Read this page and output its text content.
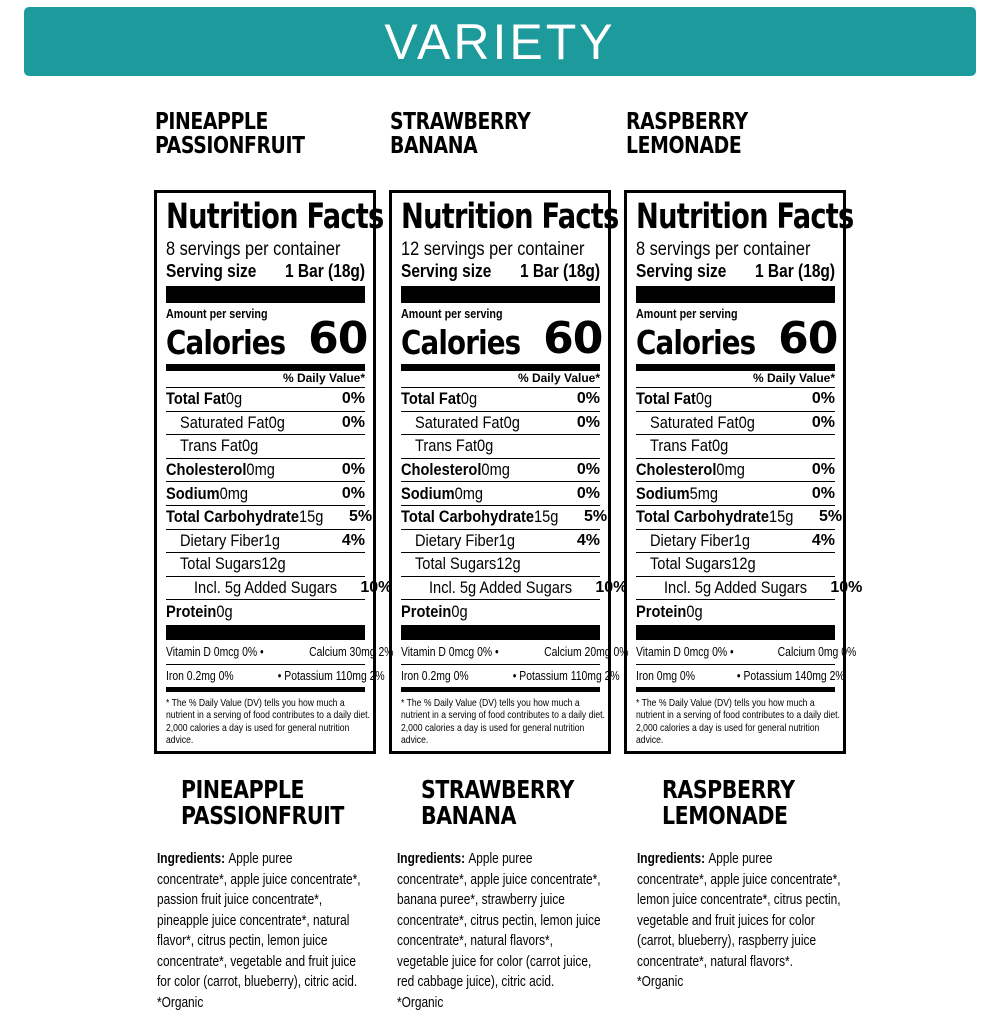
VARIETY
PINEAPPLE
PASSIONFRUIT
Nutrition Facts
8 servings per container
Serving size 1 Bar (18g)
Amount per serving
Calories 60
% Daily Value*
Total Fat0g	0%
Saturated Fat0g	0%
Trans Fat0g
Cholesterol0mg	0%
Sodium0mg	0%
Total Carbohydrate15g 5%
Dietary Fiber1g	4%
Total Sugars12g
Incl. 5g Added Sugars 10%
Protein0g
Vitamin D 0mcg 0% •	Calcium 30mg 2%
Iron 0.2mg 0%	• Potassium 110mg 2%
* The % Daily Value (DV) tells you how much a nutrient in a serving of food contributes to a daily diet. 2,000 calories a day is used for general nutrition advice.
PINEAPPLE
PASSIONFRUIT
Ingredients: Apple puree concentrate*, apple juice concentrate*, passion fruit juice concentrate*, pineapple juice concentrate*, natural flavor*, citrus pectin, lemon juice concentrate*, vegetable and fruit juice for color (carrot, blueberry), citric acid.
*Organic
STRAWBERRY
BANANA
Nutrition Facts
12 servings per container
Serving size 1 Bar (18g)
Amount per serving
Calories 60
% Daily Value*
Total Fat0g	0%
Saturated Fat0g	0%
Trans Fat0g
Cholesterol0mg	0%
Sodium0mg	0%
Total Carbohydrate15g 5%
Dietary Fiber1g	4%
Total Sugars12g
Incl. 5g Added Sugars 10%
Protein0g
Vitamin D 0mcg 0% •	Calcium 20mg 0%
Iron 0.2mg 0%	• Potassium 110mg 2%
* The % Daily Value (DV) tells you how much a nutrient in a serving of food contributes to a daily diet. 2,000 calories a day is used for general nutrition advice.
STRAWBERRY
BANANA
Ingredients: Apple puree concentrate*, apple juice concentrate*, banana puree*, strawberry juice concentrate*, citrus pectin, lemon juice concentrate*, natural flavors*, vegetable juice for color (carrot juice, red cabbage juice), citric acid.
*Organic
RASPBERRY
LEMONADE
Nutrition Facts
8 servings per container
Serving size 1 Bar (18g)
Amount per serving
Calories 60
% Daily Value*
Total Fat0g	0%
Saturated Fat0g	0%
Trans Fat0g
Cholesterol0mg	0%
Sodium5mg	0%
Total Carbohydrate15g 5%
Dietary Fiber1g	4%
Total Sugars12g
Incl. 5g Added Sugars 10%
Protein0g
Vitamin D 0mcg 0% •	Calcium 0mg 0%
Iron 0mg 0%	• Potassium 140mg 2%
* The % Daily Value (DV) tells you how much a nutrient in a serving of food contributes to a daily diet. 2,000 calories a day is used for general nutrition advice.
RASPBERRY
LEMONADE
Ingredients: Apple puree concentrate*, apple juice concentrate*, lemon juice concentrate*, citrus pectin, vegetable and fruit juices for color (carrot, blueberry), raspberry juice concentrate*, natural flavors*.
*Organic
